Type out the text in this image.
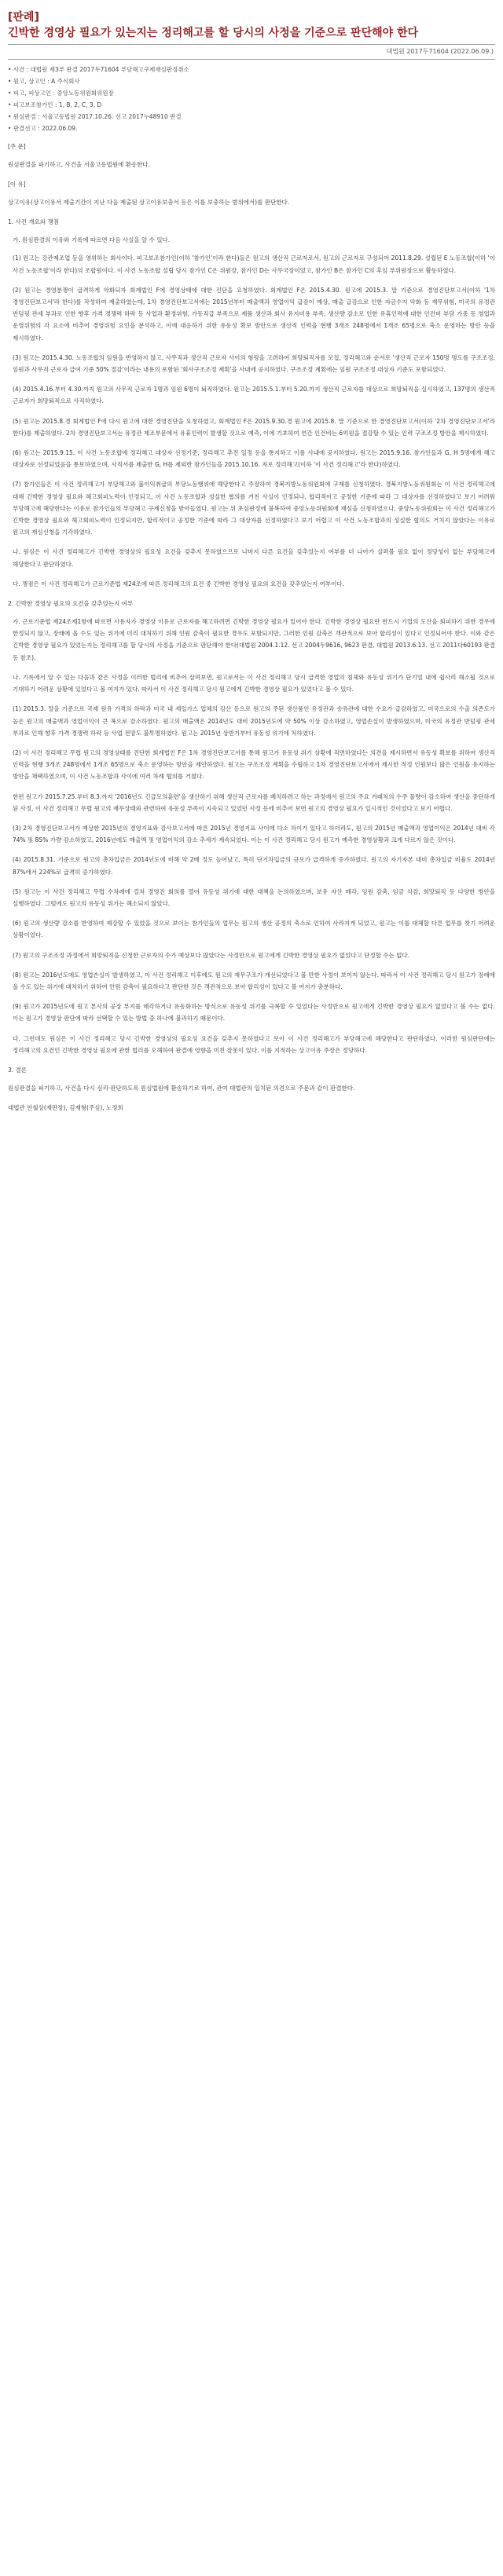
[판례]
긴박한 경영상 필요가 있는지는 정리해고를 할 당시의 사정을 기준으로 판단해야 한다
대법원 2017두71604 (2022.06.09.)
• 사건 : 대법원 제3부 판결 2017두71604 부당해고구제재심판정취소
• 원고, 상고인 : A 주식회사
• 피고, 피상고인 : 중앙노동위원회위원장
• 피고보조참가인 : 1, B, 2, C, 3, D
• 원심판결 : 서울고등법원 2017.10.26. 선고 2017누48910 판결
• 판결선고 : 2022.06.09.
[주 문]
원심판결을 파기하고, 사건을 서울고등법원에 환송한다.
[이 유]
상고이유(상고이유서 제출기간이 지난 다음 제출된 상고이유보충서 등은 이를 보충하는 범위에서)를 판단한다.
1. 사건 개요와 쟁점
가. 원심판결의 이유와 기록에 따르면 다음 사실을 알 수 있다.
(1) 원고는 강관제조업 등을 영위하는 회사이다. 피고보조참가인(이하 '참가인'이라 한다)들은 원고의 생산직 근로자로서, 원고의 근로자로 구성되어 2011.8.29. 설립된 E 노동조합(이하 '이 사건 노동조합'이라 한다)의 조합원이다. 이 사건 노동조합 설립 당시 참가인 C은 위원장, 참가인 D는 사무국장이었고, 참가인 B은 참가인 C의 후임 부위원장으로 활동하였다.
(2) 원고는 경영분쟁이 급격하게 악화되자 회계법인 F에 경영상태에 대한 진단을 요청하였다. 회계법인 F은 2015.4.30. 원고에 2015.3. 말 기준으로 경영진단보고서(이하 '1차 경영진단보고서'라 한다)를 작성하여 제출하였는데, 1차 경영진단보고서에는 2015년부터 매출액과 영업이익 급감이 예상, 매출 급감으로 인한 자금수지 악화 등 재무위험, 미국의 유정관 반덤핑 관세 부과로 인한 향후 가격 경쟁력 하락 등 사업과 환경위험, 가동직급 부족으로 제품 생산과 회사 유지비용 부족, 생산량 감소로 인한 유휴인력에 대한 인건비 부담 가중 등 영업과 운영위험의 각 요소에 비추어 경영위험 요인을 분석하고, 이에 대응하기 위한 유동성 확보 방안으로 생산직 인력을 현행 3개조 248명에서 1개조 65명으로 축소 운영하는 방안 등을 제시하였다.
(3) 원고는 2015.4.30. 노동조합의 임원을 반영하지 않고, 사무직과 생산직 근로자 사이의 형평을 고려하여 희망퇴직자를 모집, 정리해고와 순서로 '생산직 근로자 150명 명도를 구조조정, 임원과 사무직 근로자 급여 기준 50% 절감'이라는 내용의 포함된 '회사구조조정 계획'을 사내에 공지하였다. 구조조정 계획에는 임원 구조조정 대상자 기준도 포함되었다.
(4) 2015.4.16.부터 4.30.까지 원고의 사무직 근로자 1명과 임원 6명이 퇴직하였다. 원고는 2015.5.1.부터 5.20.까지 생산직 근로자를 대상으로 희망퇴직을 실시하였고, 137명의 생산직 근로자가 희망퇴직으로 사직하였다.
(5) 원고는 2015.8.경 회계법인 F에 다시 원고에 대한 경영진단을 요청하였고, 회계법인 F은 2015.9.30.경 원고에 2015.8. 말 기준으로 한 경영진단보고서(이하 '2차 경영진단보고서'라 한다)를 제출하였다. 2차 경영진단보고서는 유정관 제조부문에서 유휴인력이 발생할 것으로 예측, 이에 기초하여 연간 인건비는 6억원을 절감할 수 있는 인력 구조조정 방안을 제시하였다.
(6) 원고는 2015.9.15. 이 사건 노동조합에 정리해고 대상자 선정기준, 정리해고 추진 일정 등을 통지하고 이를 사내에 공지하였다. 원고는 2015.9.16. 참가인들과 G, H 5명에게 해고 대상자로 선정되었음을 통보하였으며, 사직서를 제출한 G, H를 제외한 참가인들을 2015.10.16. 자로 정리해고(이하 '이 사건 정리해고'라 한다)하였다.
(7) 참가인들은 이 사건 정리해고가 부당해고와 불이익취급의 부당노동행위에 해당한다고 주장하여 경북지방노동위원회에 구제를 신청하였다. 경북지방노동위원회는 이 사건 정리해고에 대해 긴박한 경영상 필요와 해고회피노력이 인정되고, 이 사건 노동조합과 성실한 협의를 거친 사실이 인정되나, 합리적이고 공정한 기준에 따라 그 대상자를 선정하였다고 보기 어려워 부당해고에 해당한다는 이유로 참가인들의 부당해고 구제신청을 받아들였다. 원고는 위 초심판정에 불복하여 중앙노동위원회에 재심을 신청하였으나, 중앙노동위원회는 이 사건 정리해고가 긴박한 경영상 필요와 해고회피노력이 인정되지만, 합리적이고 공정한 기준에 따라 그 대상자를 선정하였다고 보기 어렵고 이 사건 노동조합과의 성실한 협의도 거치지 않았다는 이유로 원고의 재심신청을 기각하였다.
나. 원심은 이 사건 정리해고가 긴박한 경영상의 필요성 요건을 갖추지 못하였으므로 나머지 다른 요건을 갖추었는지 여부를 더 나아가 살펴볼 필요 없이 정당성이 없는 부당해고에 해당한다고 판단하였다.
다. 쟁점은 이 사건 정리해고가 근로기준법 제24조에 따른 정리해고의 요건 중 긴박한 경영상 필요의 요건을 갖추었는지 여부이다.
2. 긴박한 경영상 필요의 요건을 갖추었는지 여부
가. 근로기준법 제24조제1항에 따르면 사용자가 경영상 이유로 근로자를 해고하려면 긴박한 경영상 필요가 있어야 한다. 긴박한 경영상 필요란 반드시 기업의 도산을 회피하기 위한 경우에 한정되지 않고, 장래에 올 수도 있는 위기에 미리 대처하기 위해 인원 감축이 필요한 경우도 포함되지만, 그러한 인원 감축은 객관적으로 보아 합리성이 있다고 인정되어야 한다. 이와 같은 긴박한 경영상 필요가 있었는지는 정리해고를 할 당시의 사정을 기준으로 판단해야 한다(대법원 2004.1.12. 선고 2004두9616, 9623 판결, 대법원 2013.6.13. 선고 2011다60193 판결 등 참조).
나. 기록에서 알 수 있는 다음과 같은 사정을 이러한 법리에 비추어 살펴보면, 원고로서는 이 사건 정리해고 당시 급격한 영업의 침체와 유동성 위기가 단기일 내에 쉽사리 해소될 것으로 기대하기 어려운 상황에 있었다고 볼 여지가 있다. 따라서 이 사건 정리해고 당시 원고에게 긴박한 경영상 필요가 있었다고 볼 수 있다.
(1) 2015.3. 말을 기준으로 국제 원유 가격의 하락과 미국 내 셰일가스 업체의 감산 등으로 원고의 주된 생산품인 유정관과 송유관에 대한 수요가 급감하였고, 미국으로의 수출 의존도가 높은 원고의 매출액과 영업이익이 큰 폭으로 감소하였다. 원고의 매출액은 2014년도 대비 2015년도에 약 50% 이상 감소하였고, 영업손실이 발생하였으며, 미국의 유정관 반덤핑 관세 부과로 인해 향후 가격 경쟁력 하락 등 사업 전망도 불투명하였다. 원고는 2015년 상반기부터 유동성 위기에 처하였다.
(2) 이 사건 정리해고 무렵 원고의 경영상태를 진단한 회계법인 F은 1차 경영진단보고서를 통해 원고가 유동성 위기 상황에 직면하였다는 의견을 제시하면서 유동성 확보를 위하여 생산직 인력을 현행 3개조 248명에서 1개조 65명으로 축소 운영하는 방안을 제안하였다. 원고는 구조조정 계획을 수립하고 1차 경영진단보고서에서 제시한 적정 인원보다 많은 인원을 유지하는 방안을 채택하였으며, 이 사건 노동조합과 사이에 여러 차례 협의를 거쳤다.
한편 원고가 2015.7.25.부터 8.3.까지 '2016년도 긴급모의훈련'을 생산하기 위해 생산직 근로자를 배치하려고 하는 과정에서 원고의 주요 거래처의 수주 물량이 감소하여 생산을 중단하게 된 사정, 이 사건 정리해고 무렵 원고의 재무상태와 관련하여 유동성 부족이 지속되고 있었던 사정 등에 비추어 보면 원고의 경영상 필요가 일시적인 것이었다고 보기 어렵다.
(3) 2차 경영진단보고서가 예상한 2015년의 경영지표와 감사보고서에 따른 2015년 경영지표 사이에 다소 차이가 있다고 하더라도, 원고의 2015년 매출액과 영업이익은 2014년 대비 각 74% 및 85% 가량 감소하였고, 2016년에도 매출액 및 영업이익의 감소 추세가 계속되었다. 이는 이 사건 정리해고 당시 원고가 예측한 경영상황과 크게 다르지 않은 것이다.
(4) 2015.8.31. 기준으로 원고의 총차입금은 2014년도에 비해 약 2배 정도 늘어났고, 특히 단기차입금의 규모가 급격하게 증가하였다. 원고의 자기자본 대비 총차입금 비율도 2014년 87%에서 224%로 급격히 증가하였다.
(5) 원고는 이 사건 정리해고 무렵 수차례에 걸쳐 경영진 회의를 열어 유동성 위기에 대한 대책을 논의하였으며, 보유 자산 매각, 임원 감축, 임금 삭감, 희망퇴직 등 다양한 방안을 실행하였다. 그럼에도 원고의 유동성 위기는 해소되지 않았다.
(6) 원고의 생산량 감소를 반영하여 제강할 수 있었을 것으로 보이는 참가인들의 업무는 원고의 생산 공정의 축소로 인하여 사라지게 되었고, 원고는 이를 대체할 다른 업무를 찾기 어려운 상황이었다.
(7) 원고의 구조조정 과정에서 희망퇴직을 신청한 근로자의 수가 예상보다 많았다는 사정만으로 원고에게 긴박한 경영상 필요가 없었다고 단정할 수는 없다.
(8) 원고는 2016년도에도 영업손실이 발생하였고, 이 사건 정리해고 이후에도 원고의 재무구조가 개선되었다고 볼 만한 사정이 보이지 않는다. 따라서 이 사건 정리해고 당시 원고가 장래에 올 수도 있는 위기에 대처하기 위하여 인원 감축이 필요하다고 판단한 것은 객관적으로 보아 합리성이 있다고 볼 여지가 충분하다.
(9) 원고가 2015년도에 원고 본사의 공장 부지를 매각하거나 유동화하는 방식으로 유동성 위기를 극복할 수 있었다는 사정만으로 원고에게 긴박한 경영상 필요가 없었다고 볼 수는 없다. 이는 원고가 경영상 판단에 따라 선택할 수 있는 방법 중 하나에 불과하기 때문이다.
다. 그런데도 원심은 이 사건 정리해고 당시 긴박한 경영상의 필요성 요건을 갖추지 못하였다고 보아 이 사건 정리해고가 부당해고에 해당한다고 판단하였다. 이러한 원심판단에는 정리해고의 요건인 긴박한 경영상 필요에 관한 법리를 오해하여 판결에 영향을 미친 잘못이 있다. 이를 지적하는 상고이유 주장은 정당하다.
3. 결론
원심판결을 파기하고, 사건을 다시 심리·판단하도록 원심법원에 환송하기로 하여, 관여 대법관의 일치된 의견으로 주문과 같이 판결한다.
대법관 안철상(재판장), 김재형(주심), 노정희
